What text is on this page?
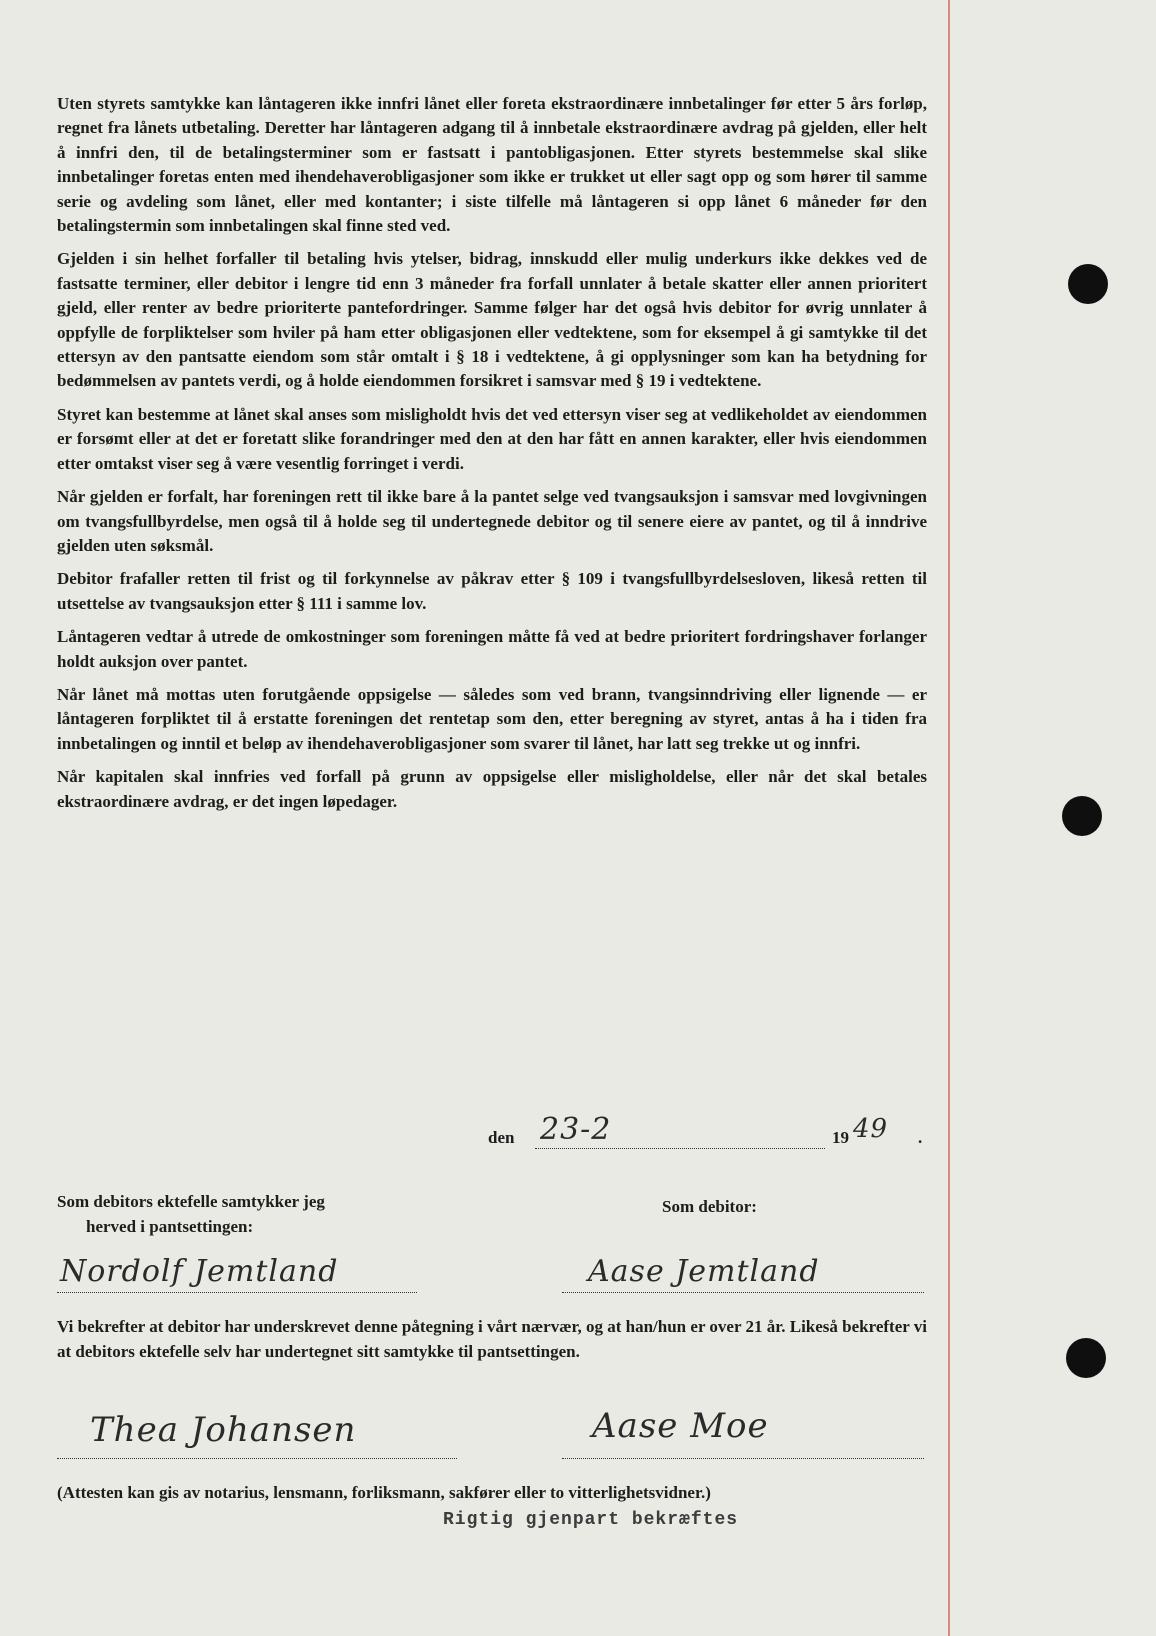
Uten styrets samtykke kan låntageren ikke innfri lånet eller foreta ekstraordinære innbetalinger før etter 5 års forløp, regnet fra lånets utbetaling. Deretter har låntageren adgang til å innbetale ekstraordinære avdrag på gjelden, eller helt å innfri den, til de betalingsterminer som er fastsatt i pantobligasjonen. Etter styrets bestemmelse skal slike innbetalinger foretas enten med ihendehaverobligasjoner som ikke er trukket ut eller sagt opp og som hører til samme serie og avdeling som lånet, eller med kontanter; i siste tilfelle må låntageren si opp lånet 6 måneder før den betalingstermin som innbetalingen skal finne sted ved.

Gjelden i sin helhet forfaller til betaling hvis ytelser, bidrag, innskudd eller mulig underkurs ikke dekkes ved de fastsatte terminer, eller debitor i lengre tid enn 3 måneder fra forfall unnlater å betale skatter eller annen prioritert gjeld, eller renter av bedre prioriterte pantefordringer. Samme følger har det også hvis debitor for øvrig unnlater å oppfylle de forpliktelser som hviler på ham etter obligasjonen eller vedtektene, som for eksempel å gi samtykke til det ettersyn av den pantsatte eiendom som står omtalt i § 18 i vedtektene, å gi opplysninger som kan ha betydning for bedømmelsen av pantets verdi, og å holde eiendommen forsikret i samsvar med § 19 i vedtektene.

Styret kan bestemme at lånet skal anses som misligholdt hvis det ved ettersyn viser seg at vedlikeholdet av eiendommen er forsømt eller at det er foretatt slike forandringer med den at den har fått en annen karakter, eller hvis eiendommen etter omtakst viser seg å være vesentlig forringet i verdi.

Når gjelden er forfalt, har foreningen rett til ikke bare å la pantet selge ved tvangsauksjon i samsvar med lovgivningen om tvangsfullbyrdelse, men også til å holde seg til undertegnede debitor og til senere eiere av pantet, og til å inndrive gjelden uten søksmål.

Debitor frafaller retten til frist og til forkynnelse av påkrav etter § 109 i tvangsfullbyrdelsesloven, likeså retten til utsettelse av tvangsauksjon etter § 111 i samme lov.

Låntageren vedtar å utrede de omkostninger som foreningen måtte få ved at bedre prioritert fordringshaver forlanger holdt auksjon over pantet.

Når lånet må mottas uten forutgående oppsigelse — således som ved brann, tvangsinndriving eller lignende — er låntageren forpliktet til å erstatte foreningen det rentetap som den, etter beregning av styret, antas å ha i tiden fra innbetalingen og inntil et beløp av ihendehaverobligasjoner som svarer til lånet, har latt seg trekke ut og innfri.

Når kapitalen skal innfries ved forfall på grunn av oppsigelse eller misligholdelse, eller når det skal betales ekstraordinære avdrag, er det ingen løpedager.

den 23-2	19 49 .
Som debitors ektefelle samtykker jeg
herved i pantsettingen:
Som debitor:
Nordolf Jemtland	Aase Jemtland
Vi bekrefter at debitor har underskrevet denne påtegning i vårt nærvær, og at han/hun er over 21 år. Likeså bekrefter vi at debitors ektefelle selv har undertegnet sitt samtykke til pantsettingen.
Thea Johansen	Aase Moe
(Attesten kan gis av notarius, lensmann, forliksmann, sakfører eller to vitterlighetsvidner.)
Rigtig gjenpart bekræftes
